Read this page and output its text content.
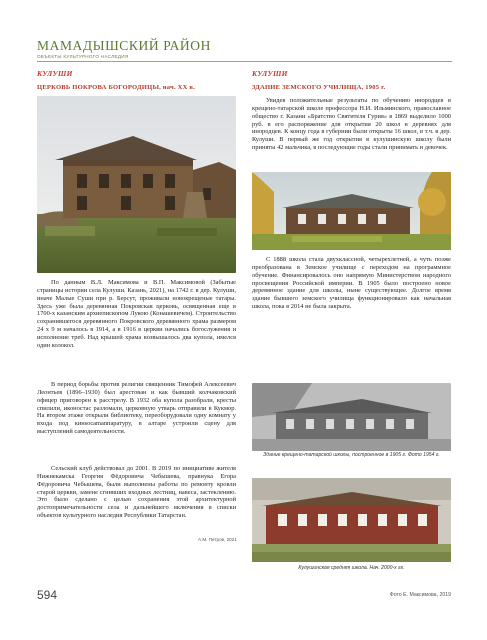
МАМАДЫШСКИЙ РАЙОН
ОБЪЕКТЫ КУЛЬТУРНОГО НАСЛЕДИЯ
КУЛУШИ
ЦЕРКОВЬ ПОКРОВА БОГОРОДИЦЫ, нач. XX в.

По данным В.Л. Максимова и В.П. Максимовой (Забытые страницы истории села Кулуши. Казань, 2021), на 1742 г. в дер. Кулуши, иначе Малые Суши при р. Берсут, проживали новокрещеные татары. Здесь уже была деревянная Покровская церковь, освященная еще в 1700-х казанским архиепископом Лукою (Конашевичем). Строительство сохранившегося деревянного Покровского деревянного храма размером 24 х 9 м началось в 1914, а в 1916 в церкви начались богослужения и исполнение треб. Над крышей храма возвышалось два купола, имелся один колокол.

В период борьбы против религии священник Тимофей Алексеевич Леонтьев (1896–1930) был арестован и как бывший колчаковский офицер приговорен к расстрелу. В 1932 оба купола разобрали, кресты спилили, иконостас разломали, церковную утварь отправили в Кукмор. На втором этаже открыли библиотеку, переоборудовали одну комнату у входа под кинsocamanпаратуру, в алтаре устроили сцену для выступлений самодеятельности.

Сельский клуб действовал до 2001. В 2019 по инициативе жителя Нижнекамска Георгия Фёдоровича Чебышева, правнука Егора Фёдоровича Чебышева, были выполнены работы по ремонту кровли старой церкви, замене сгнивших входных лестниц, навеса, застеклению. Это было сделано с целью сохранения этой архитектурной достопримечательности села и дальнейшего включения в списки объектов культурного наследия Республики Татарстан.

А.М. Петров, 2021
КУЛУШИ
ЗДАНИЕ ЗЕМСКОГО УЧИЛИЩА, 1905 г.

Увидев положительные результаты по обучению инородцев в крещено-татарской школе профессора Н.И. Ильминского, православное общество г. Казани «Братство Святителя Гурия» в 1869 выделило 1000 руб. в его распоряжение для открытия 20 школ в деревнях для инородцев. К концу года в губернии были открыты 16 школ, в т.ч. в дер. Кулуши. В первый же год открытия в кулушинскую школу были приняты 42 мальчика, в последующие годы стали принимать и девочек.

С 1888 школа стала двухклассной, четырехлетней, а чуть позже преобразована в Земское училище с переходом на программное обучение. Финансировалось оно напрямую Министерством народного просвещения Российской империи. В 1905 было построено новое деревянное здание для школы, ныне существующее. Долгое время здание бывшего земского училища функционировало как начальная школа, пока в 2014 не была закрыта.

Здание крещено-татарской школы, построенное в 1905 г. Фото 1954 г.
Кулушинская средняя школа. Нач. 2000-х гг.
594	Фото Е. Максимова, 2019
